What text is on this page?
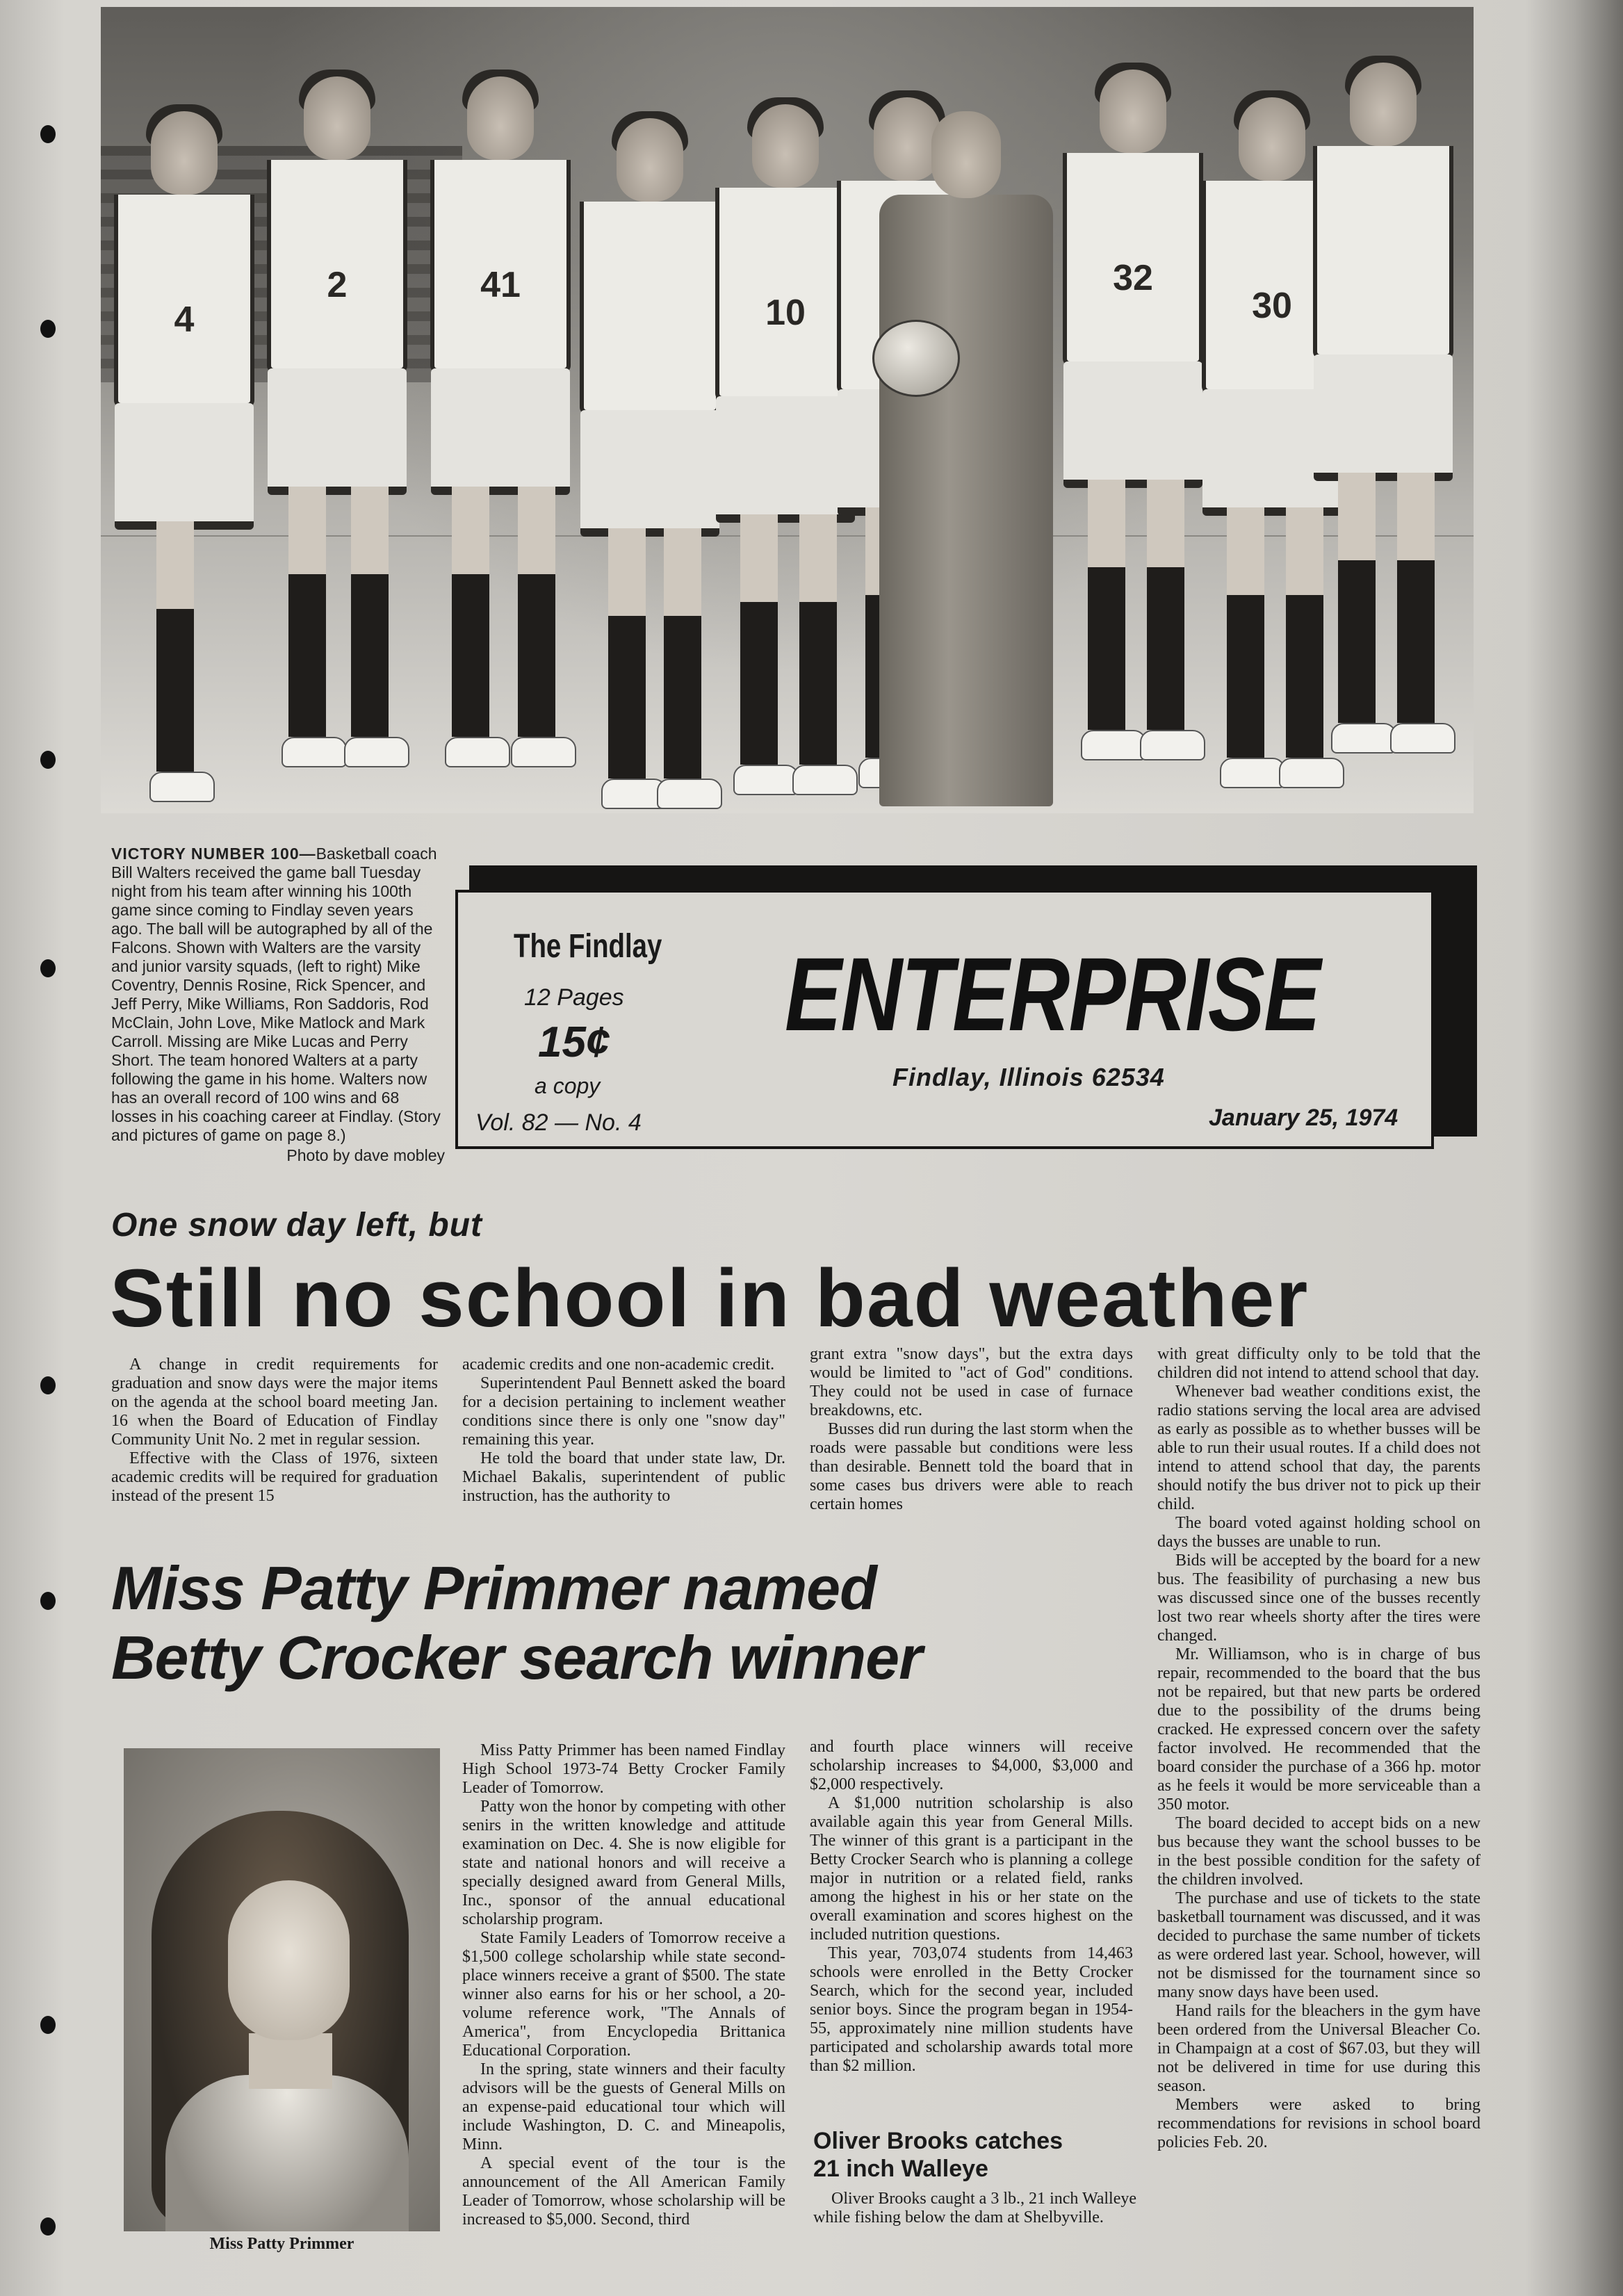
4
2	41
10
32
30
VICTORY NUMBER 100—Basketball coach Bill Walters received the game ball Tuesday night from his team after winning his 100th game since coming to Findlay seven years ago. The ball will be autographed by all of the Falcons. Shown with Walters are the varsity and junior varsity squads, (left to right) Mike Coventry, Dennis Rosine, Rick Spencer, and Jeff Perry, Mike Williams, Ron Saddoris, Rod McClain, John Love, Mike Matlock and Mark Carroll. Missing are Mike Lucas and Perry Short. The team honored Walters at a party following the game in his home. Walters now has an overall record of 100 wins and 68 losses in his coaching career at Findlay. (Story and pictures of game on page 8.)
Photo by dave mobley
The Findlay
12 Pages
15¢
a copy
Vol. 82 — No. 4
ENTERPRISE
Findlay, Illinois 62534
January 25, 1974
One snow day left, but
Still no school in bad weather

A change in credit requirements for graduation and snow days were the major items on the agenda at the school board meeting Jan. 16 when the Board of Education of Findlay Community Unit No. 2 met in regular session.

Effective with the Class of 1976, sixteen academic credits will be required for graduation instead of the present 15

academic credits and one non-academic credit.

Superintendent Paul Bennett asked the board for a decision pertaining to inclement weather conditions since there is only one "snow day" remaining this year.

He told the board that under state law, Dr. Michael Bakalis, superintendent of public instruction, has the authority to

grant extra "snow days", but the extra days would be limited to "act of God" conditions. They could not be used in case of furnace breakdowns, etc.

Busses did run during the last storm when the roads were passable but conditions were less than desirable. Bennett told the board that in some cases bus drivers were able to reach certain homes

with great difficulty only to be told that the children did not intend to attend school that day.

Whenever bad weather conditions exist, the radio stations serving the local area are advised as early as possible as to whether busses will be able to run their usual routes. If a child does not intend to attend school that day, the parents should notify the bus driver not to pick up their child.

The board voted against holding school on days the busses are unable to run.

Bids will be accepted by the board for a new bus. The feasibility of purchasing a new bus was discussed since one of the busses recently lost two rear wheels shorty after the tires were changed.

Mr. Williamson, who is in charge of bus repair, recommended to the board that the bus not be repaired, but that new parts be ordered due to the possibility of the drums being cracked. He expressed concern over the safety factor involved. He recommended that the board consider the purchase of a 366 hp. motor as he feels it would be more serviceable than a 350 motor.

The board decided to accept bids on a new bus because they want the school busses to be in the best possible condition for the safety of the children involved.

The purchase and use of tickets to the state basketball tournament was discussed, and it was decided to purchase the same number of tickets as were ordered last year. School, however, will not be dismissed for the tournament since so many snow days have been used.

Hand rails for the bleachers in the gym have been ordered from the Universal Bleacher Co. in Champaign at a cost of $67.03, but they will not be delivered in time for use during this season.

Members were asked to bring recommendations for revisions in school board policies Feb. 20.

Miss Patty Primmer named
Betty Crocker search winner
Miss Patty Primmer

Miss Patty Primmer has been named Findlay High School 1973-74 Betty Crocker Family Leader of Tomorrow.

Patty won the honor by competing with other senirs in the written knowledge and attitude examination on Dec. 4. She is now eligible for state and national honors and will receive a specially designed award from General Mills, Inc., sponsor of the annual educational scholarship program.

State Family Leaders of Tomorrow receive a $1,500 college scholarship while state second-place winners receive a grant of $500. The state winner also earns for his or her school, a 20-volume reference work, "The Annals of America", from Encyclopedia Brittanica Educational Corporation.

In the spring, state winners and their faculty advisors will be the guests of General Mills on an expense-paid educational tour which will include Washington, D. C. and Mineapolis, Minn.

A special event of the tour is the announcement of the All American Family Leader of Tomorrow, whose scholarship will be increased to $5,000. Second, third

and fourth place winners will receive scholarship increases to $4,000, $3,000 and $2,000 respectively.

A $1,000 nutrition scholarship is also available again this year from General Mills. The winner of this grant is a participant in the Betty Crocker Search who is planning a college major in nutrition or a related field, ranks among the highest in his or her state on the overall examination and scores highest on the included nutrition questions.

This year, 703,074 students from 14,463 schools were enrolled in the Betty Crocker Search, which for the second year, included senior boys. Since the program began in 1954-55, approximately nine million students have participated and scholarship awards total more than $2 million.

Oliver Brooks catches
21 inch Walleye

Oliver Brooks caught a 3 lb., 21 inch Walleye while fishing below the dam at Shelbyville.
